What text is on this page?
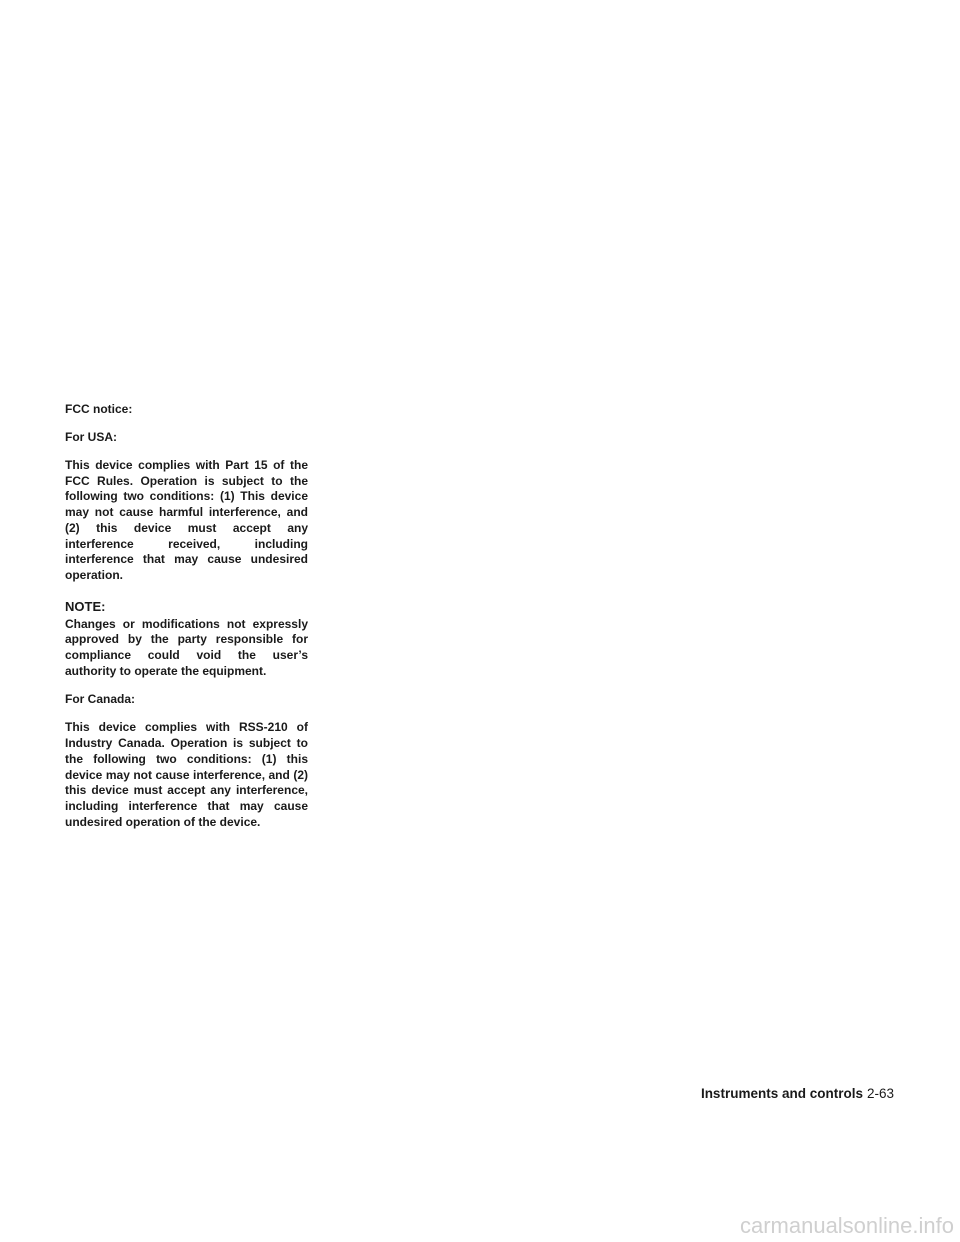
FCC notice:

For USA:

This device complies with Part 15 of the FCC Rules. Operation is subject to the following two conditions: (1) This device may not cause harmful interference, and (2) this device must accept any interference received, including interference that may cause undesired operation.

NOTE:

Changes or modifications not expressly approved by the party responsible for compliance could void the user’s authority to operate the equipment.

For Canada:

This device complies with RSS-210 of Industry Canada. Operation is subject to the following two conditions: (1) this device may not cause interference, and (2) this device must accept any interference, including interference that may cause undesired operation of the device.

Instruments and controls 2-63
carmanualsonline.info
